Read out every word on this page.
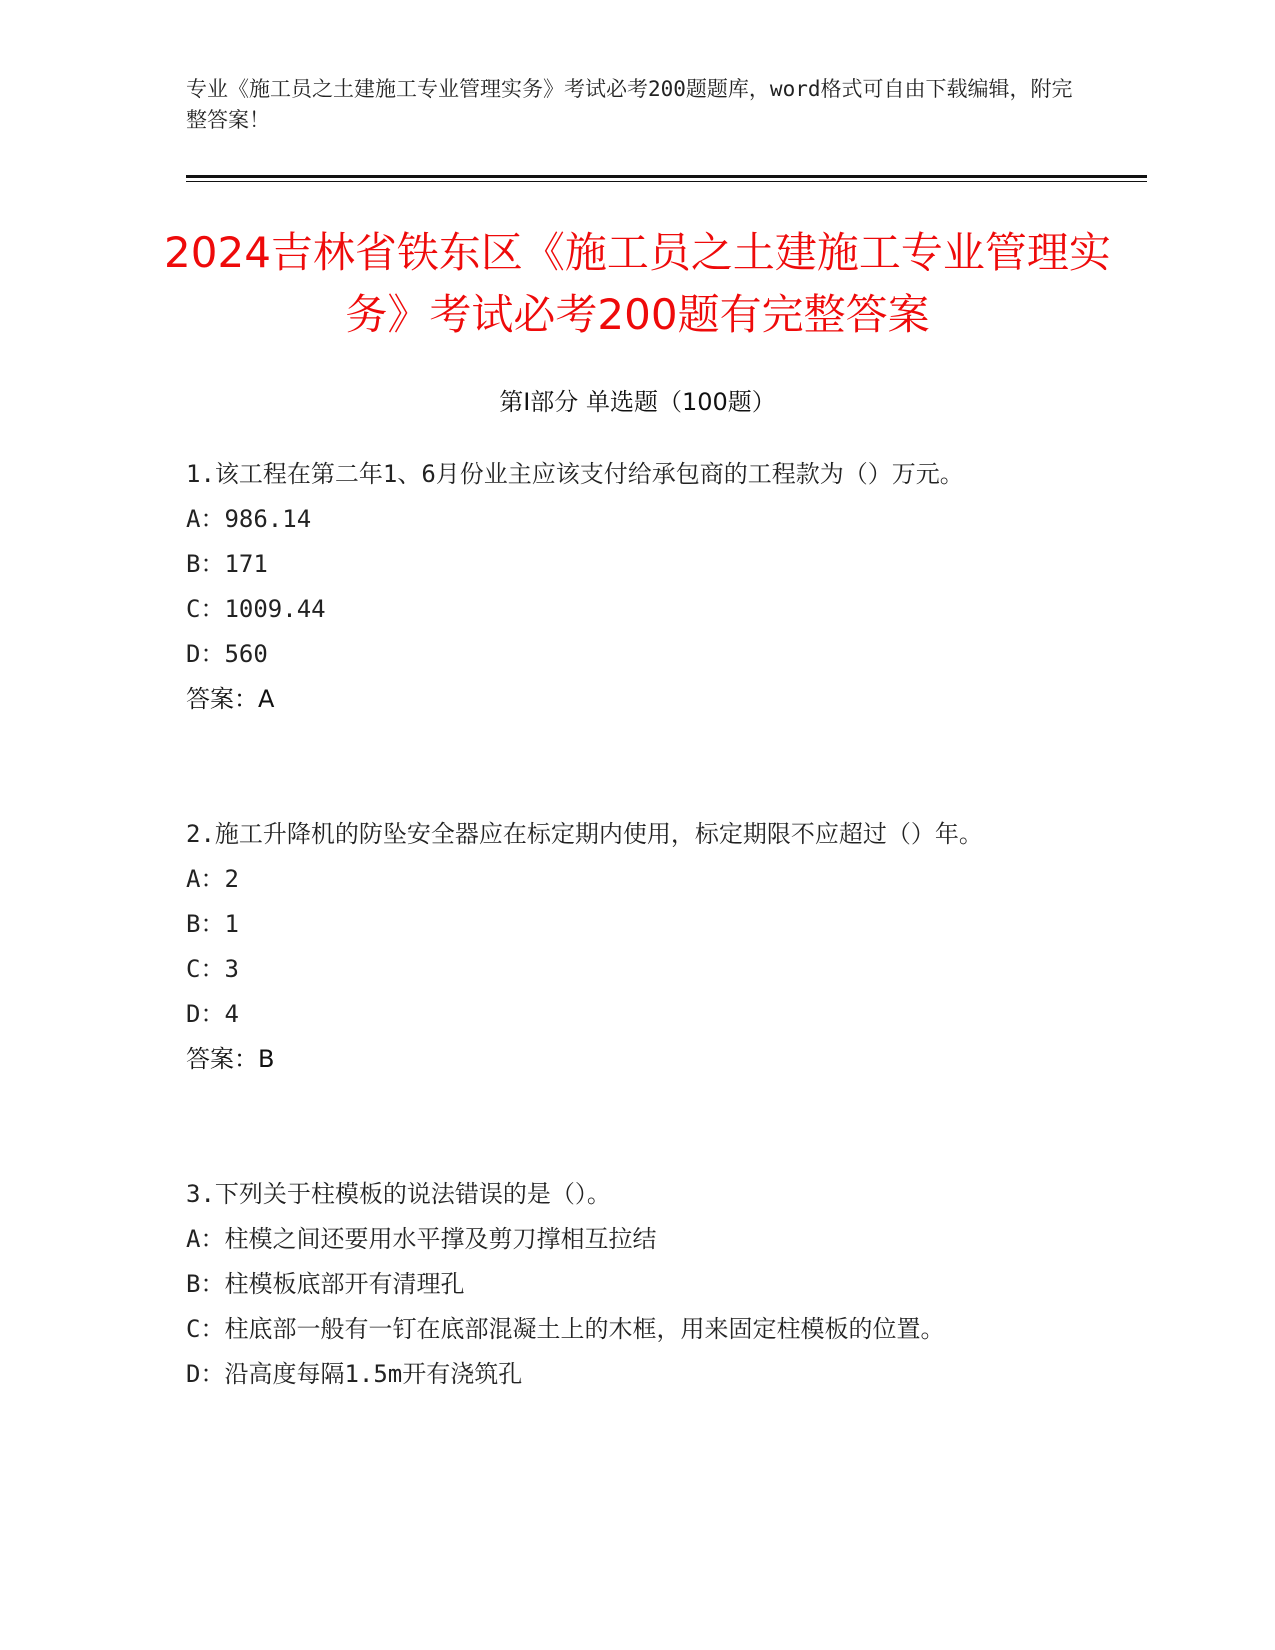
专业《施工员之土建施工专业管理实务》考试必考200题题库，word格式可自由下载编辑，附完整答案！
2024吉林省铁东区《施工员之土建施工专业管理实务》考试必考200题有完整答案
第Ⅰ部分 单选题（100题）
1.该工程在第二年1、6月份业主应该支付给承包商的工程款为（）万元。
A：986.14
B：171
C：1009.44
D：560
答案：A
2.施工升降机的防坠安全器应在标定期内使用，标定期限不应超过（）年。
A：2
B：1
C：3
D：4
答案：B
3.下列关于柱模板的说法错误的是（）。
A：柱模之间还要用水平撑及剪刀撑相互拉结
B：柱模板底部开有清理孔
C：柱底部一般有一钉在底部混凝土上的木框，用来固定柱模板的位置。
D：沿高度每隔1.5m开有浇筑孔
